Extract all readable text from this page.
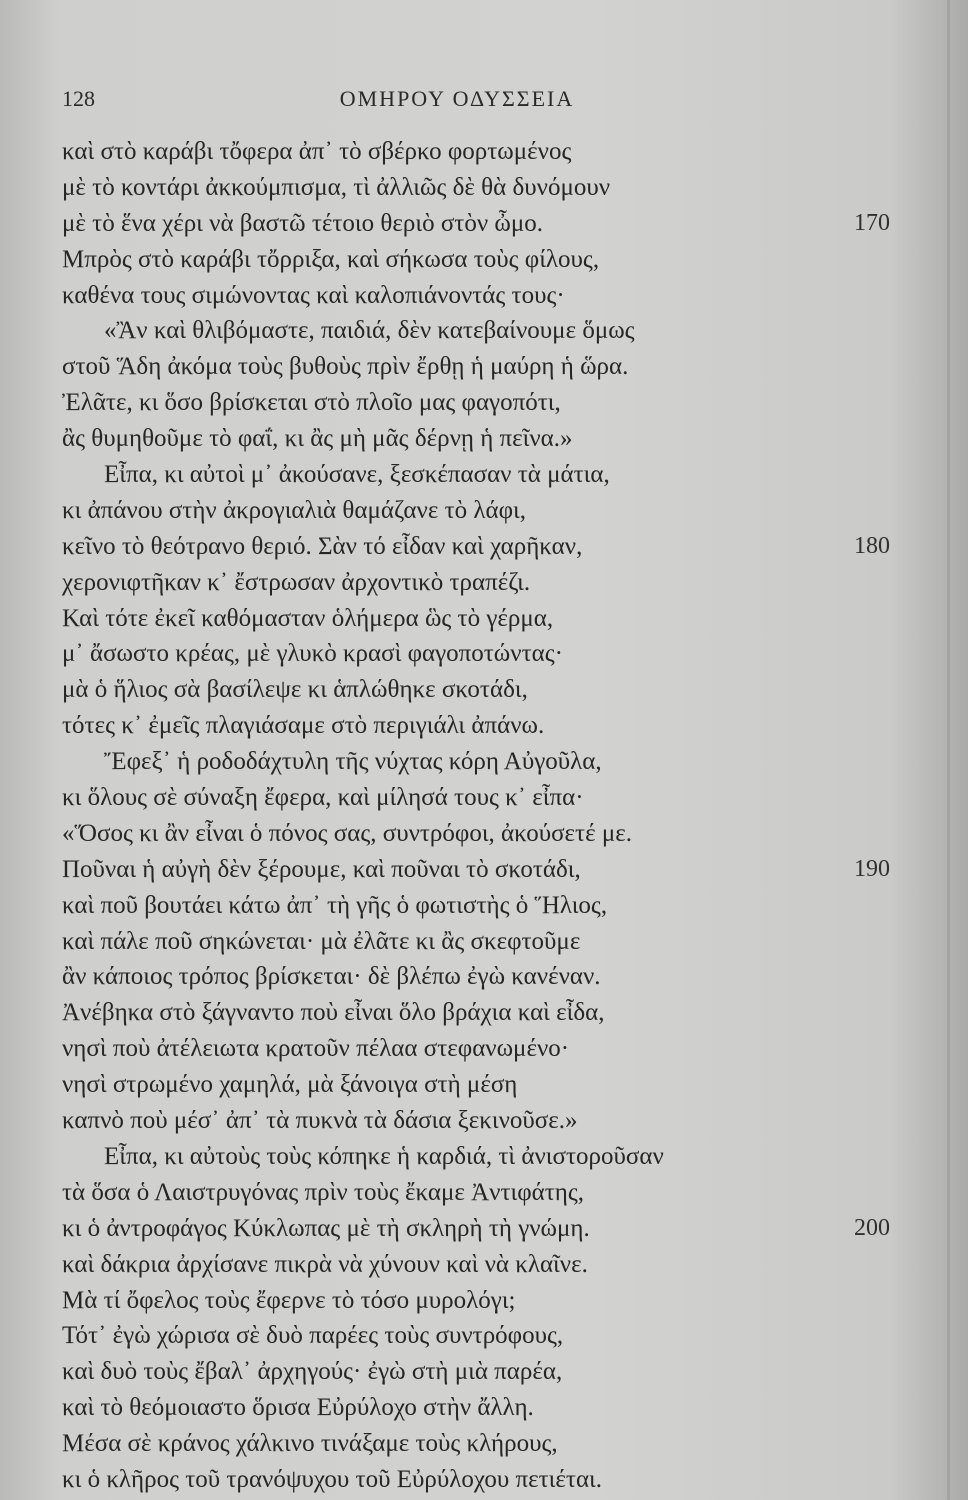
128	ΟΜΗΡΟΥ ΟΔΥΣΣΕΙΑ
καὶ στὸ καράβι τὄφερα ἀπ᾽ τὸ σβέρκο φορτωμένος
μὲ τὸ κοντάρι ἀκκούμπισμα, τὶ ἀλλιῶς δὲ θὰ δυνόμουν
μὲ τὸ ἕνα χέρι νὰ βαστῶ τέτοιο θεριὸ στὸν ὦμο.	170
Μπρὸς στὸ καράβι τὄρριξα, καὶ σήκωσα τοὺς φίλους,
καθένα τους σιμώνοντας καὶ καλοπιάνοντάς τους·
«Ἂν καὶ θλιβόμαστε, παιδιά, δὲν κατεβαίνουμε ὅμως
στοῦ Ἅδη ἀκόμα τοὺς βυθοὺς πρὶν ἔρθῃ ἡ μαύρη ἡ ὥρα.
Ἐλᾶτε, κι ὅσο βρίσκεται στὸ πλοῖο μας φαγοπότι,
ἂς θυμηθοῦμε τὸ φαΐ, κι ἂς μὴ μᾶς δέρνῃ ἡ πεῖνα.»
Εἶπα, κι αὐτοὶ μ᾽ ἀκούσανε, ξεσκέπασαν τὰ μάτια,
κι ἀπάνου στὴν ἀκρογιαλιὰ θαμάζανε τὸ λάφι,
κεῖνο τὸ θεότρανο θεριό. Σὰν τό εἶδαν καὶ χαρῆκαν,	180
χερονιφτῆκαν κ᾽ ἔστρωσαν ἀρχοντικὸ τραπέζι.
Καὶ τότε ἐκεῖ καθόμασταν ὁλήμερα ὣς τὸ γέρμα,
μ᾽ ἄσωστο κρέας, μὲ γλυκὸ κρασὶ φαγοποτώντας·
μὰ ὁ ἥλιος σὰ βασίλεψε κι ἁπλώθηκε σκοτάδι,
τότες κ᾽ ἐμεῖς πλαγιάσαμε στὸ περιγιάλι ἀπάνω.
Ἔφεξ᾽ ἡ ροδοδάχτυλη τῆς νύχτας κόρη Αὐγοῦλα,
κι ὅλους σὲ σύναξη ἔφερα, καὶ μίλησά τους κ᾽ εἶπα·
«Ὅσος κι ἂν εἶναι ὁ πόνος σας, συντρόφοι, ἀκούσετέ με.
Ποῦναι ἡ αὐγὴ δὲν ξέρουμε, καὶ ποῦναι τὸ σκοτάδι,	190
καὶ ποῦ βουτάει κάτω ἀπ᾽ τὴ γῆς ὁ φωτιστὴς ὁ Ἥλιος,
καὶ πάλε ποῦ σηκώνεται· μὰ ἐλᾶτε κι ἂς σκεφτοῦμε
ἂν κάποιος τρόπος βρίσκεται· δὲ βλέπω ἐγὼ κανέναν.
Ἀνέβηκα στὸ ξάγναντο ποὺ εἶναι ὅλο βράχια καὶ εἶδα,
νησὶ ποὺ ἀτέλειωτα κρατοῦν πέλαα στεφανωμένο·
νησὶ στρωμένο χαμηλά, μὰ ξάνοιγα στὴ μέση
καπνὸ ποὺ μέσ᾽ ἀπ᾽ τὰ πυκνὰ τὰ δάσια ξεκινοῦσε.»
Εἶπα, κι αὐτοὺς τοὺς κόπηκε ἡ καρδιά, τὶ ἀνιστοροῦσαν
τὰ ὅσα ὁ Λαιστρυγόνας πρὶν τοὺς ἔκαμε Ἀντιφάτης,
κι ὁ ἀντροφάγος Κύκλωπας μὲ τὴ σκληρὴ τὴ γνώμη.	200
καὶ δάκρια ἀρχίσανε πικρὰ νὰ χύνουν καὶ νὰ κλαῖνε.
Μὰ τί ὄφελος τοὺς ἔφερνε τὸ τόσο μυρολόγι;
Τότ᾽ ἐγὼ χώρισα σὲ δυὸ παρέες τοὺς συντρόφους,
καὶ δυὸ τοὺς ἔβαλ᾽ ἀρχηγούς· ἐγὼ στὴ μιὰ παρέα,
καὶ τὸ θεόμοιαστο ὅρισα Εὐρύλοχο στὴν ἄλλη.
Μέσα σὲ κράνος χάλκινο τινάξαμε τοὺς κλήρους,
κι ὁ κλῆρος τοῦ τρανόψυχου τοῦ Εὐρύλοχου πετιέται.
